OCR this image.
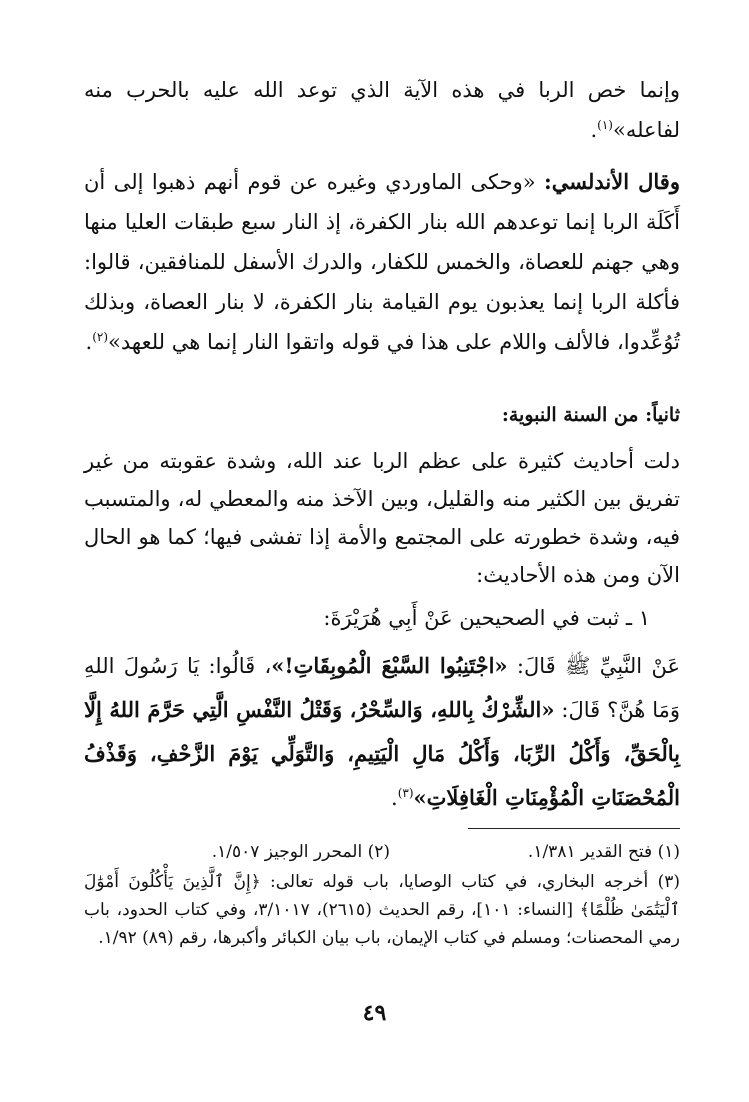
وإنما خص الربا في هذه الآية الذي توعد الله عليه بالحرب منه لفاعله»$^{(١)}$.

وقال الأندلسي: «وحكى الماوردي وغيره عن قوم أنهم ذهبوا إلى أن أَكَلَة الربا إنما توعدهم الله بنار الكفرة، إذ النار سبع طبقات العليا منها وهي جهنم للعصاة، والخمس للكفار، والدرك الأسفل للمنافقين، قالوا: فأكلة الربا إنما يعذبون يوم القيامة بنار الكفرة، لا بنار العصاة، وبذلك تُوُعِّدوا، فالألف واللام على هذا في قوله واتقوا النار إنما هي للعهد»$^{(٢)}$.

ثانياً: من السنة النبوية:

دلت أحاديث كثيرة على عظم الربا عند الله، وشدة عقوبته من غير تفريق بين الكثير منه والقليل، وبين الآخذ منه والمعطي له، والمتسبب فيه، وشدة خطورته على المجتمع والأمة إذا تفشى فيها؛ كما هو الحال الآن ومن هذه الأحاديث:

١ ـ ثبت في الصحيحين عَنْ أَبِي هُرَيْرَةَ:

عَنْ النَّبِيِّ ﷺ قَالَ: «اجْتَنِبُوا السَّبْعَ الْمُوبِقَاتِ!»، قَالُوا: يَا رَسُولَ اللهِ وَمَا هُنَّ؟ قَالَ: «الشِّرْكُ بِاللهِ، وَالسِّحْرُ، وَقَتْلُ النَّفْسِ الَّتِي حَرَّمَ اللهُ إِلَّا بِالْحَقِّ، وَأَكْلُ الرِّبَا، وَأَكْلُ مَالِ الْيَتِيمِ، وَالتَّوَلِّي يَوْمَ الزَّحْفِ، وَقَذْفُ الْمُحْصَنَاتِ الْمُؤْمِنَاتِ الْغَافِلَاتِ»$^{(٣)}$.

(١) فتح القدير ١/٣٨١.
(٢) المحرر الوجيز ١/٥٠٧.

(٣) أخرجه البخاري، في كتاب الوصايا، باب قوله تعالى: ﴿إِنَّ ٱلَّذِينَ يَأْكُلُونَ أَمْوَٰلَ ٱلْيَتَٰمَىٰ ظُلْمًا﴾ [النساء: ١٠١]، رقم الحديث (٢٦١٥)، ٣/١٠١٧، وفي كتاب الحدود، باب رمي المحصنات؛ ومسلم في كتاب الإيمان، باب بيان الكبائر وأكبرها، رقم (٨٩) ١/٩٢.

٤٩
